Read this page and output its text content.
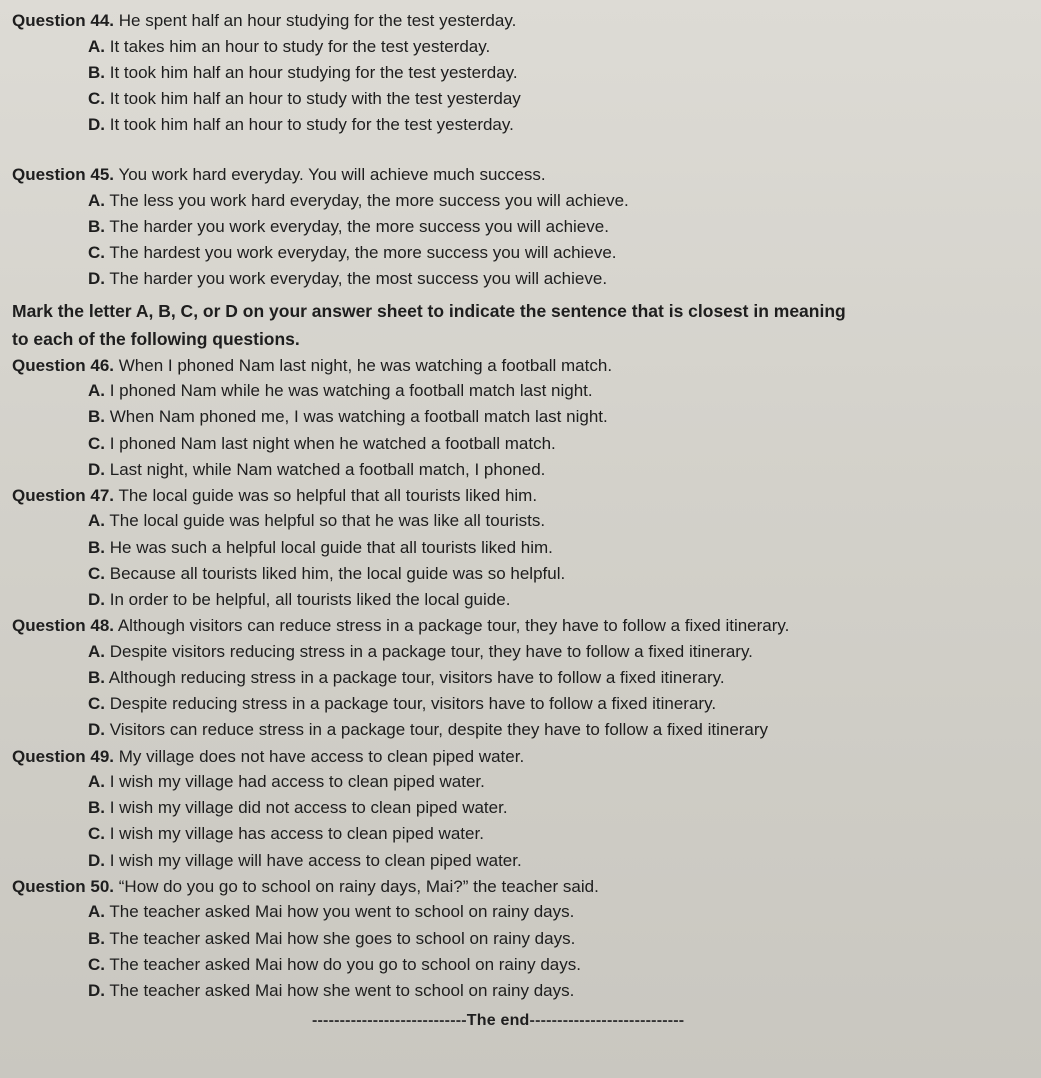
Question 44. He spent half an hour studying for the test yesterday.
A. It takes him an hour to study for the test yesterday.
B. It took him half an hour studying for the test yesterday.
C. It took him half an hour to study with the test yesterday
D. It took him half an hour to study for the test yesterday.
Question 45. You work hard everyday. You will achieve much success.
A. The less you work hard everyday, the more success you will achieve.
B. The harder you work everyday, the more success you will achieve.
C. The hardest you work everyday, the more success you will achieve.
D. The harder you work everyday, the most success you will achieve.
Mark the letter A, B, C, or D on your answer sheet to indicate the sentence that is closest in meaning
to each of the following questions.
Question 46. When I phoned Nam last night, he was watching a football match.
A. I phoned Nam while he was watching a football match last night.
B. When Nam phoned me, I was watching a football match last night.
C. I phoned Nam last night when he watched a football match.
D. Last night, while Nam watched a football match, I phoned.
Question 47. The local guide was so helpful that all tourists liked him.
A. The local guide was helpful so that he was like all tourists.
B. He was such a helpful local guide that all tourists liked him.
C. Because all tourists liked him, the local guide was so helpful.
D. In order to be helpful, all tourists liked the local guide.
Question 48. Although visitors can reduce stress in a package tour, they have to follow a fixed itinerary.
A. Despite visitors reducing stress in a package tour, they have to follow a fixed itinerary.
B. Although reducing stress in a package tour, visitors have to follow a fixed itinerary.
C. Despite reducing stress in a package tour, visitors have to follow a fixed itinerary.
D. Visitors can reduce stress in a package tour, despite they have to follow a fixed itinerary
Question 49. My village does not have access to clean piped water.
A. I wish my village had access to clean piped water.
B. I wish my village did not access to clean piped water.
C. I wish my village has access to clean piped water.
D. I wish my village will have access to clean piped water.
Question 50. “How do you go to school on rainy days, Mai?” the teacher said.
A. The teacher asked Mai how you went to school on rainy days.
B. The teacher asked Mai how she goes to school on rainy days.
C. The teacher asked Mai how do you go to school on rainy days.
D. The teacher asked Mai how she went to school on rainy days.
----------------------------The end----------------------------
